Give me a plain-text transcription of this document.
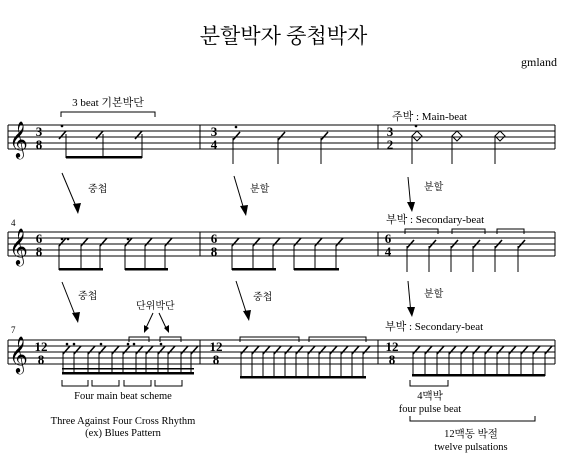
분할박자 중첩박자
gmland
𝄞
𝄞
𝄞
3
8
3
4
3
2
6
8
6
8
6
4
12
8
12
8
12
8
4
7
3 beat 기본박단
주박 : Main-beat
중첩	분할	분할
부박 : Secondary-beat
중첩
단위박단
중첩	분할
부박 : Secondary-beat
Four main beat scheme
Three Against Four Cross Rhythm
(ex) Blues Pattern
4맥박
four pulse beat
12맥동 박절
twelve pulsations
